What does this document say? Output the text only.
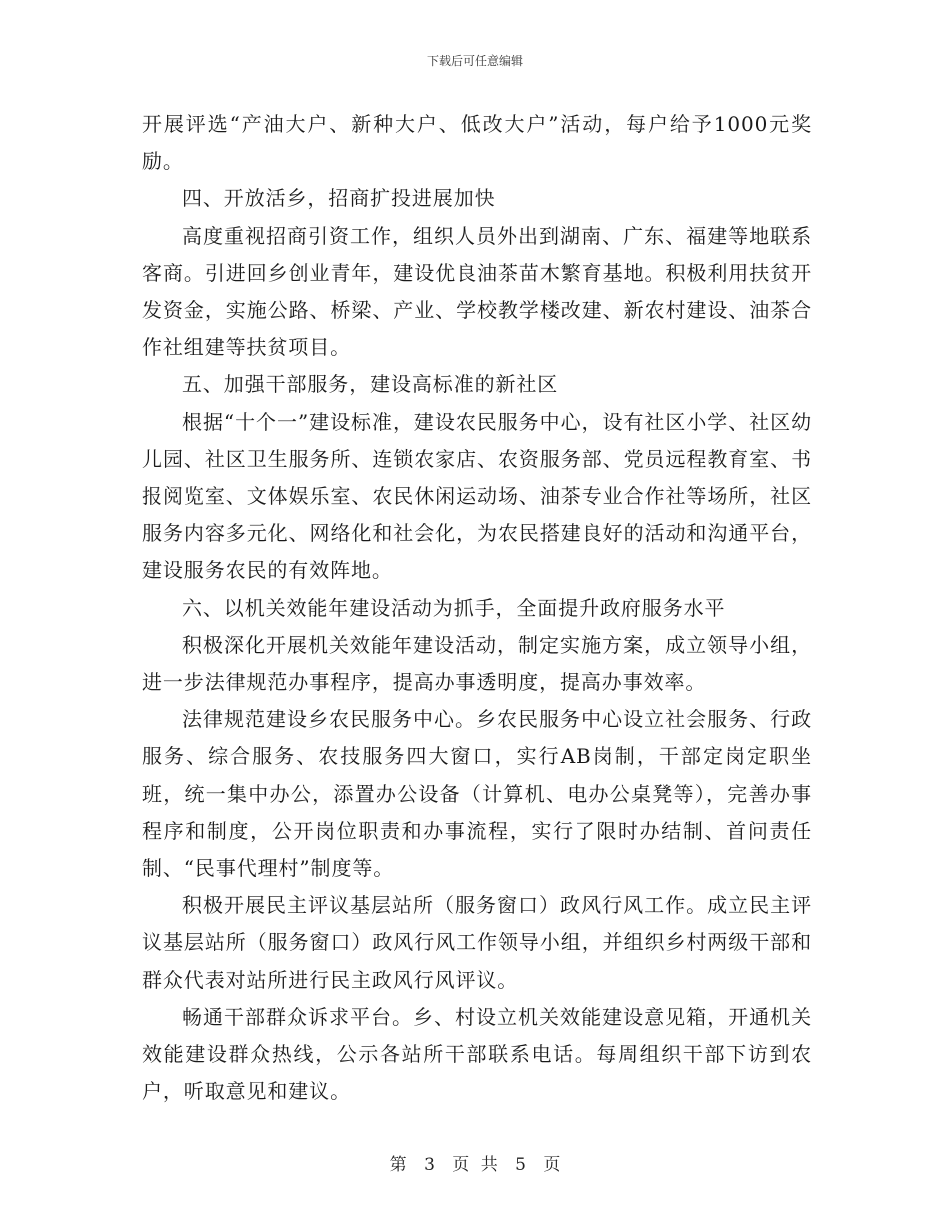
下载后可任意编辑

开展评选“产油大户、新种大户、低改大户”活动，每户给予1000元奖励。

四、开放活乡，招商扩投进展加快

高度重视招商引资工作，组织人员外出到湖南、广东、福建等地联系客商。引进回乡创业青年，建设优良油茶苗木繁育基地。积极利用扶贫开发资金，实施公路、桥梁、产业、学校教学楼改建、新农村建设、油茶合作社组建等扶贫项目。

五、加强干部服务，建设高标准的新社区

根据“十个一”建设标准，建设农民服务中心，设有社区小学、社区幼儿园、社区卫生服务所、连锁农家店、农资服务部、党员远程教育室、书报阅览室、文体娱乐室、农民休闲运动场、油茶专业合作社等场所，社区服务内容多元化、网络化和社会化，为农民搭建良好的活动和沟通平台，建设服务农民的有效阵地。

六、以机关效能年建设活动为抓手，全面提升政府服务水平

积极深化开展机关效能年建设活动，制定实施方案，成立领导小组，进一步法律规范办事程序，提高办事透明度，提高办事效率。

法律规范建设乡农民服务中心。乡农民服务中心设立社会服务、行政服务、综合服务、农技服务四大窗口，实行AB岗制，干部定岗定职坐班，统一集中办公，添置办公设备（计算机、电办公桌凳等），完善办事程序和制度，公开岗位职责和办事流程，实行了限时办结制、首问责任制、“民事代理村”制度等。

积极开展民主评议基层站所（服务窗口）政风行风工作。成立民主评议基层站所（服务窗口）政风行风工作领导小组，并组织乡村两级干部和群众代表对站所进行民主政风行风评议。

畅通干部群众诉求平台。乡、村设立机关效能建设意见箱，开通机关效能建设群众热线，公示各站所干部联系电话。每周组织干部下访到农户，听取意见和建议。

第 3 页 共 5 页
